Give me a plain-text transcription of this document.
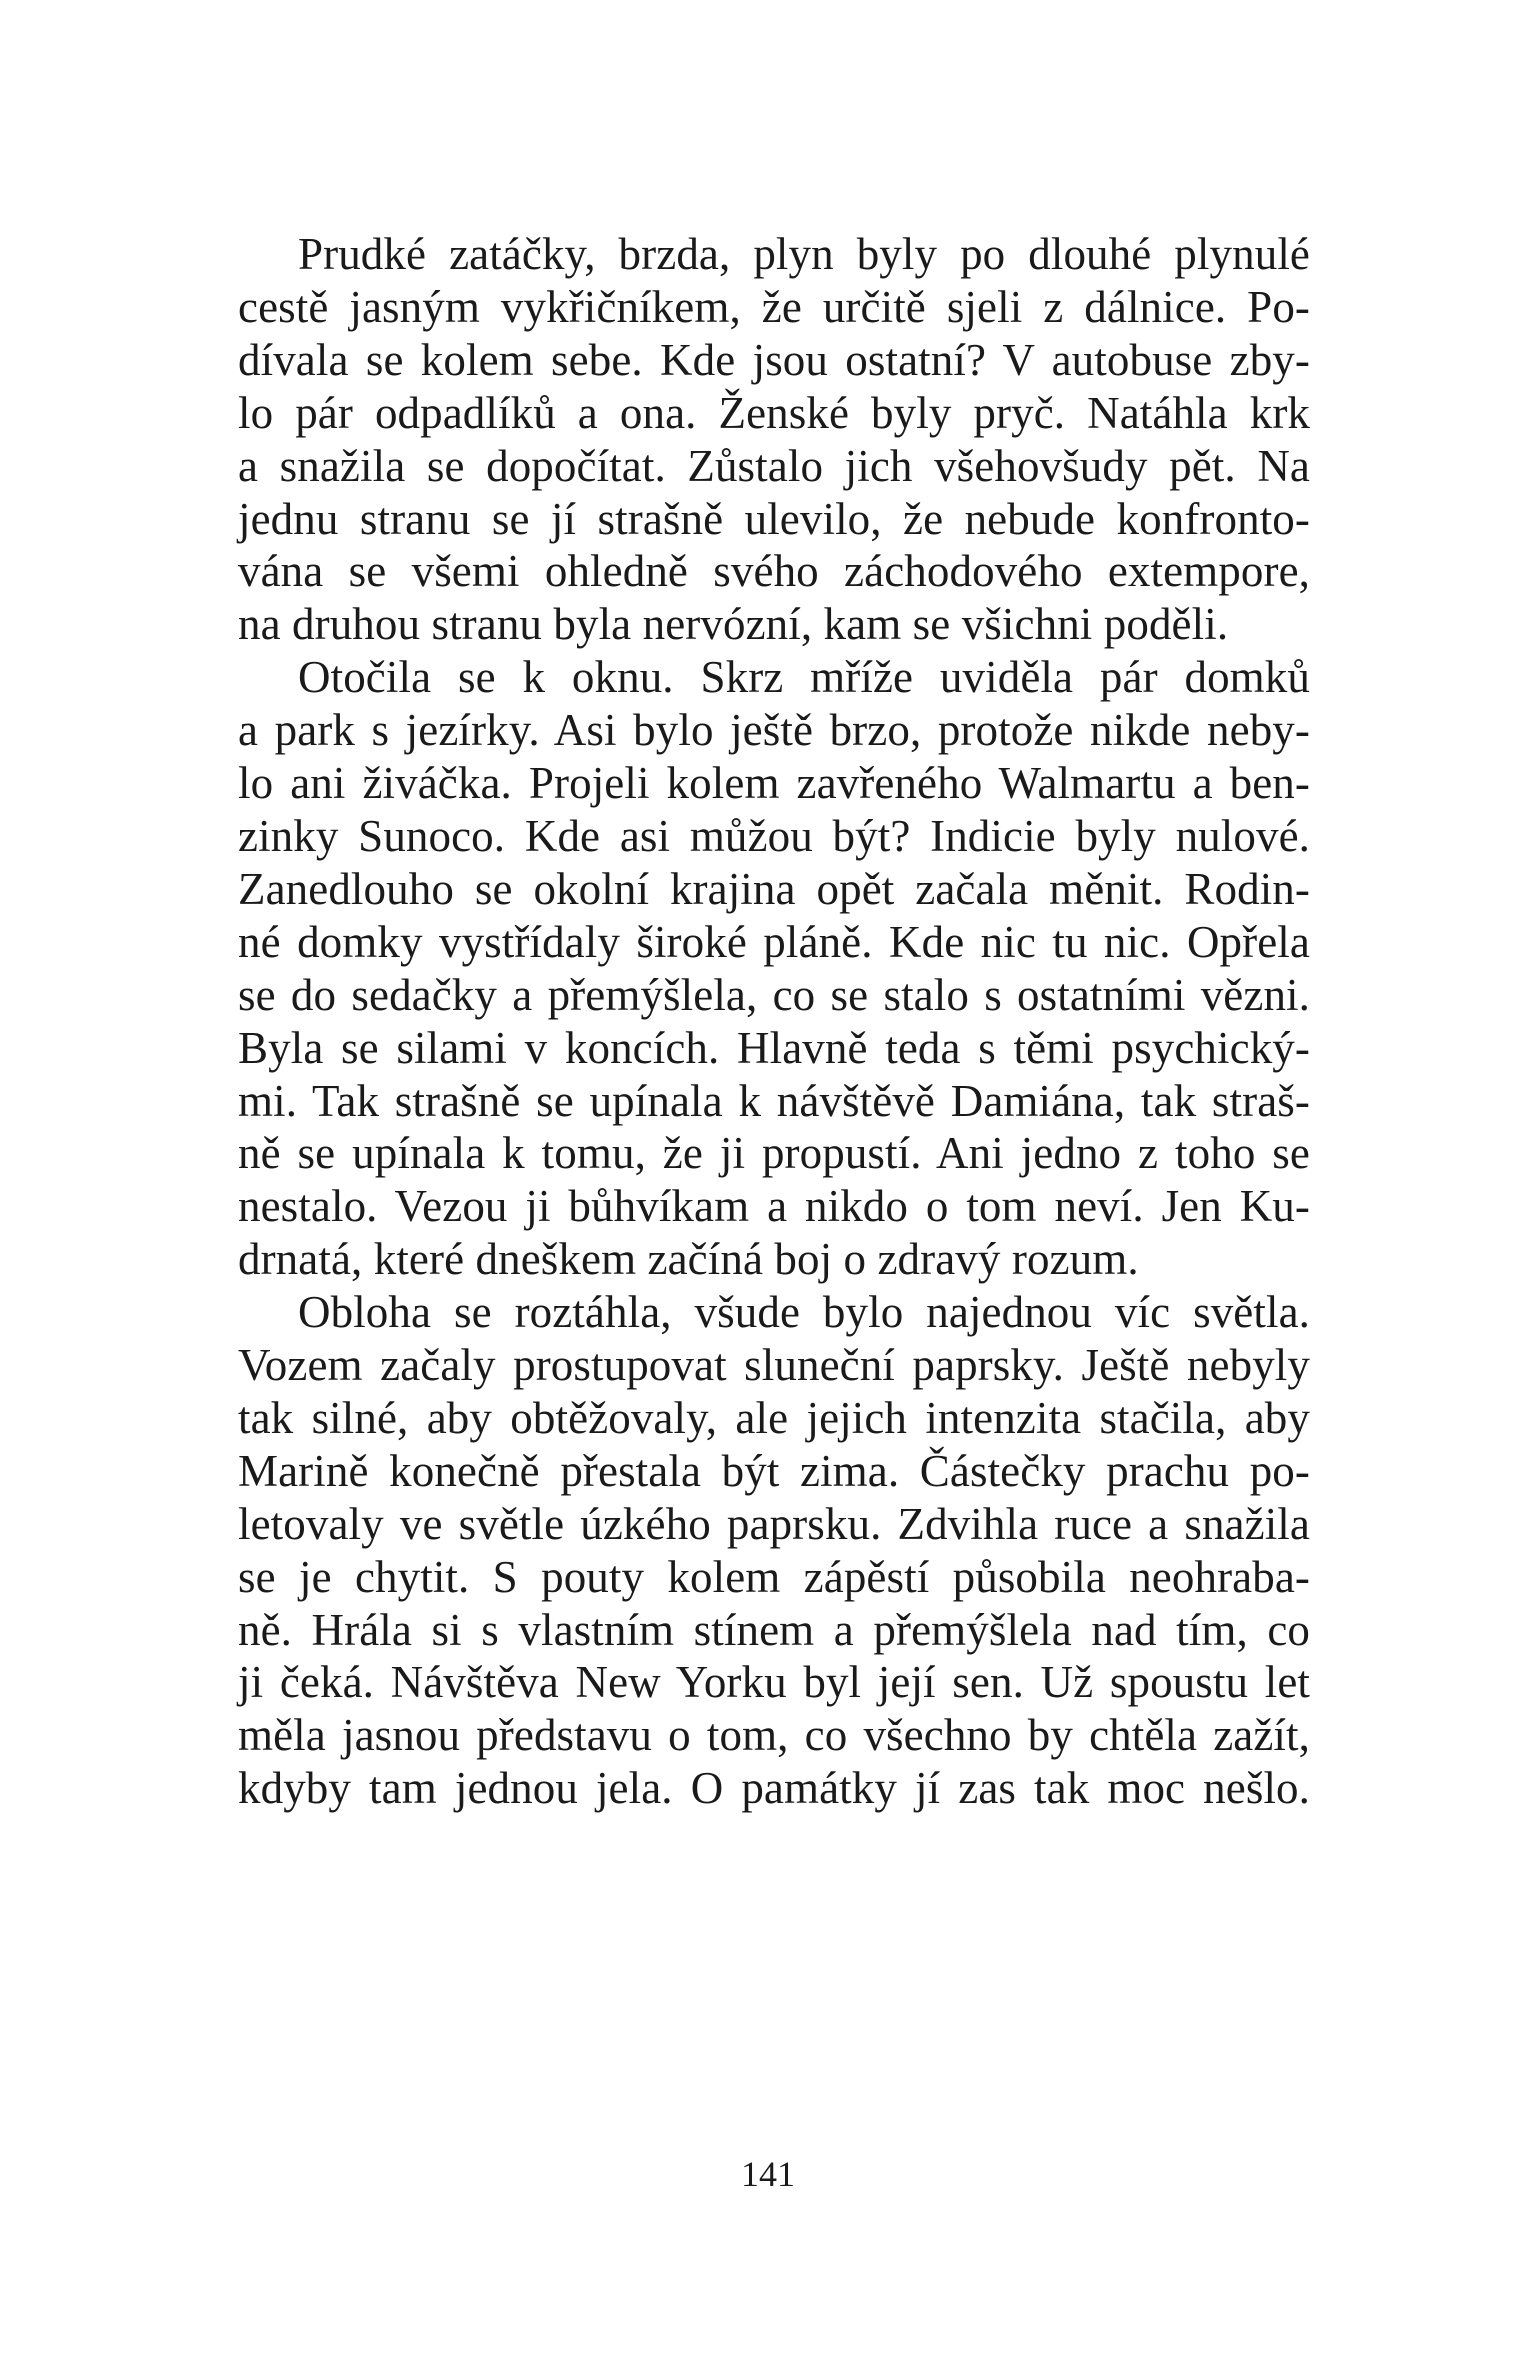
Prudké zatáčky, brzda, plyn byly po dlouhé plynulé
cestě jasným vykřičníkem, že určitě sjeli z dálnice. Po-
dívala se kolem sebe. Kde jsou ostatní? V autobuse zby-
lo pár odpadlíků a ona. Ženské byly pryč. Natáhla krk
a snažila se dopočítat. Zůstalo jich všehovšudy pět. Na
jednu stranu se jí strašně ulevilo, že nebude konfronto-
vána se všemi ohledně svého záchodového extempore,
na druhou stranu byla nervózní, kam se všichni poděli.
Otočila se k oknu. Skrz mříže uviděla pár domků
a park s jezírky. Asi bylo ještě brzo, protože nikde neby-
lo ani živáčka. Projeli kolem zavřeného Walmartu a ben-
zinky Sunoco. Kde asi můžou být? Indicie byly nulové.
Zanedlouho se okolní krajina opět začala měnit. Rodin-
né domky vystřídaly široké pláně. Kde nic tu nic. Opřela
se do sedačky a přemýšlela, co se stalo s ostatními vězni.
Byla se silami v koncích. Hlavně teda s těmi psychický-
mi. Tak strašně se upínala k návštěvě Damiána, tak straš-
ně se upínala k tomu, že ji propustí. Ani jedno z toho se
nestalo. Vezou ji bůhvíkam a nikdo o tom neví. Jen Ku-
drnatá, které dneškem začíná boj o zdravý rozum.
Obloha se roztáhla, všude bylo najednou víc světla.
Vozem začaly prostupovat sluneční paprsky. Ještě nebyly
tak silné, aby obtěžovaly, ale jejich intenzita stačila, aby
Marině konečně přestala být zima. Částečky prachu po-
letovaly ve světle úzkého paprsku. Zdvihla ruce a snažila
se je chytit. S pouty kolem zápěstí působila neohraba-
ně. Hrála si s vlastním stínem a přemýšlela nad tím, co
ji čeká. Návštěva New Yorku byl její sen. Už spoustu let
měla jasnou představu o tom, co všechno by chtěla zažít,
kdyby tam jednou jela. O památky jí zas tak moc nešlo.
141
